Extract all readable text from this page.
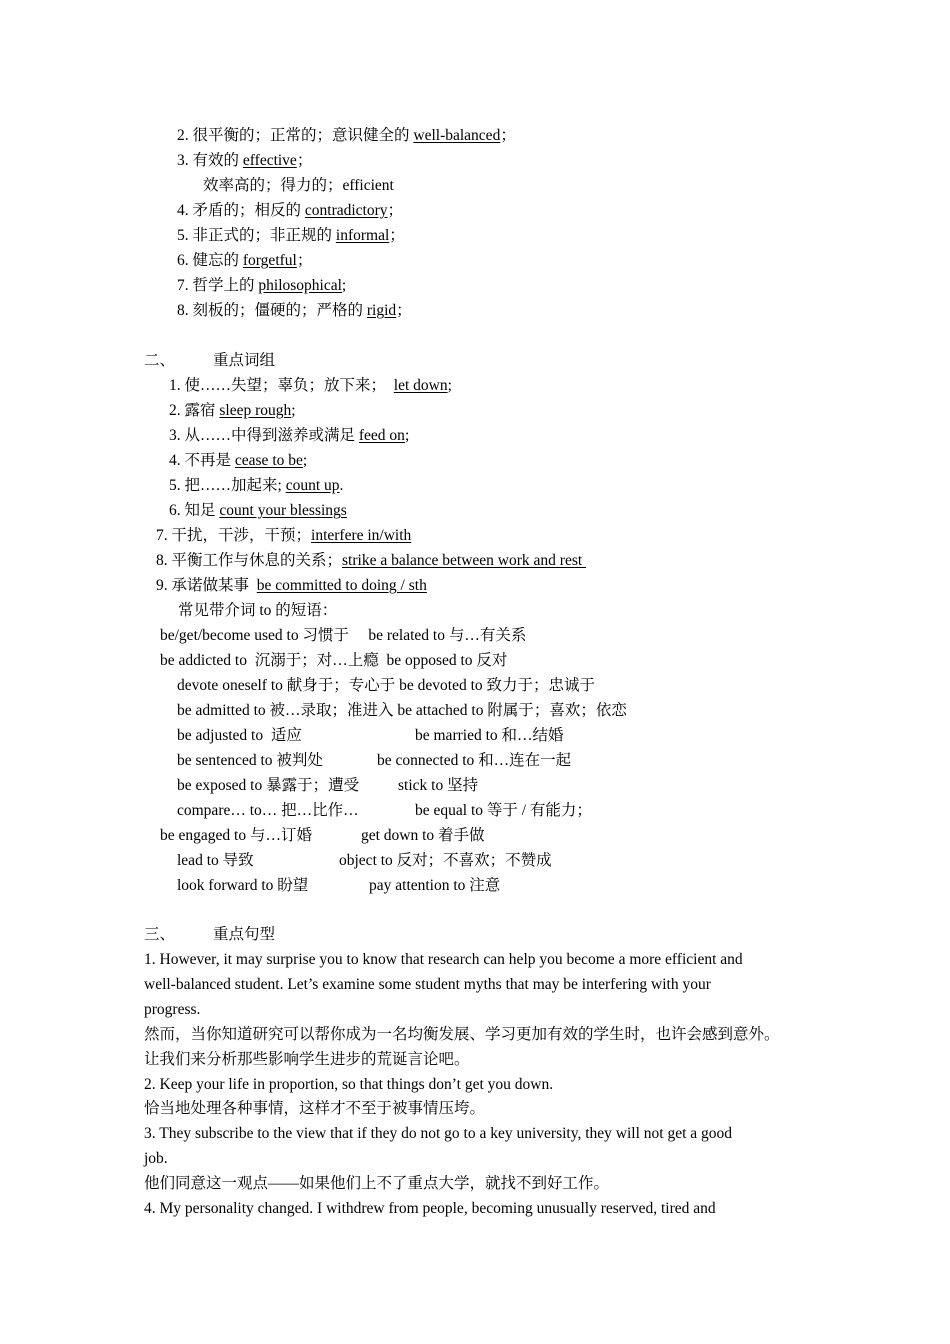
2. 很平衡的；正常的；意识健全的 well-balanced；
3. 有效的 effective；
效率高的；得力的；efficient
4. 矛盾的；相反的 contradictory；
5. 非正式的；非正规的 informal；
6. 健忘的 forgetful；
7. 哲学上的 philosophical;
8. 刻板的；僵硬的；严格的 rigid；
二、 重点词组
1. 使……失望；辜负；放下来；  let down;
2. 露宿 sleep rough;
3. 从……中得到滋养或满足 feed on;
4. 不再是 cease to be;
5. 把……加起来; count up.
6. 知足 count your blessings
7. 干扰，干涉，干预；interfere in/with
8. 平衡工作与休息的关系；strike a balance between work and rest
9. 承诺做某事  be committed to doing / sth
常见带介词 to 的短语：
be/get/become used to 习惯于     be related to 与…有关系
be addicted to  沉溺于；对…上瘾  be opposed to 反对
devote oneself to 献身于；专心于 be devoted to 致力于；忠诚于
be admitted to 被…录取；准进入 be attached to 附属于；喜欢；依恋
be adjusted to  适应	be married to 和…结婚
be sentenced to 被判处	be connected to 和…连在一起
be exposed to 暴露于；遭受	stick to 坚持
compare… to… 把…比作…	be equal to 等于 / 有能力；
be engaged to 与…订婚	get down to 着手做
lead to 导致	object to 反对；不喜欢；不赞成
look forward to 盼望	pay attention to 注意
三、 重点句型
1. However, it may surprise you to know that research can help you become a more efficient and
well-balanced student. Let’s examine some student myths that may be interfering with your
progress.
然而，当你知道研究可以帮你成为一名均衡发展、学习更加有效的学生时，也许会感到意外。
让我们来分析那些影响学生进步的荒诞言论吧。
2. Keep your life in proportion, so that things don’t get you down.
恰当地处理各种事情，这样才不至于被事情压垮。
3. They subscribe to the view that if they do not go to a key university, they will not get a good
job.
他们同意这一观点——如果他们上不了重点大学，就找不到好工作。
4. My personality changed. I withdrew from people, becoming unusually reserved, tired and
